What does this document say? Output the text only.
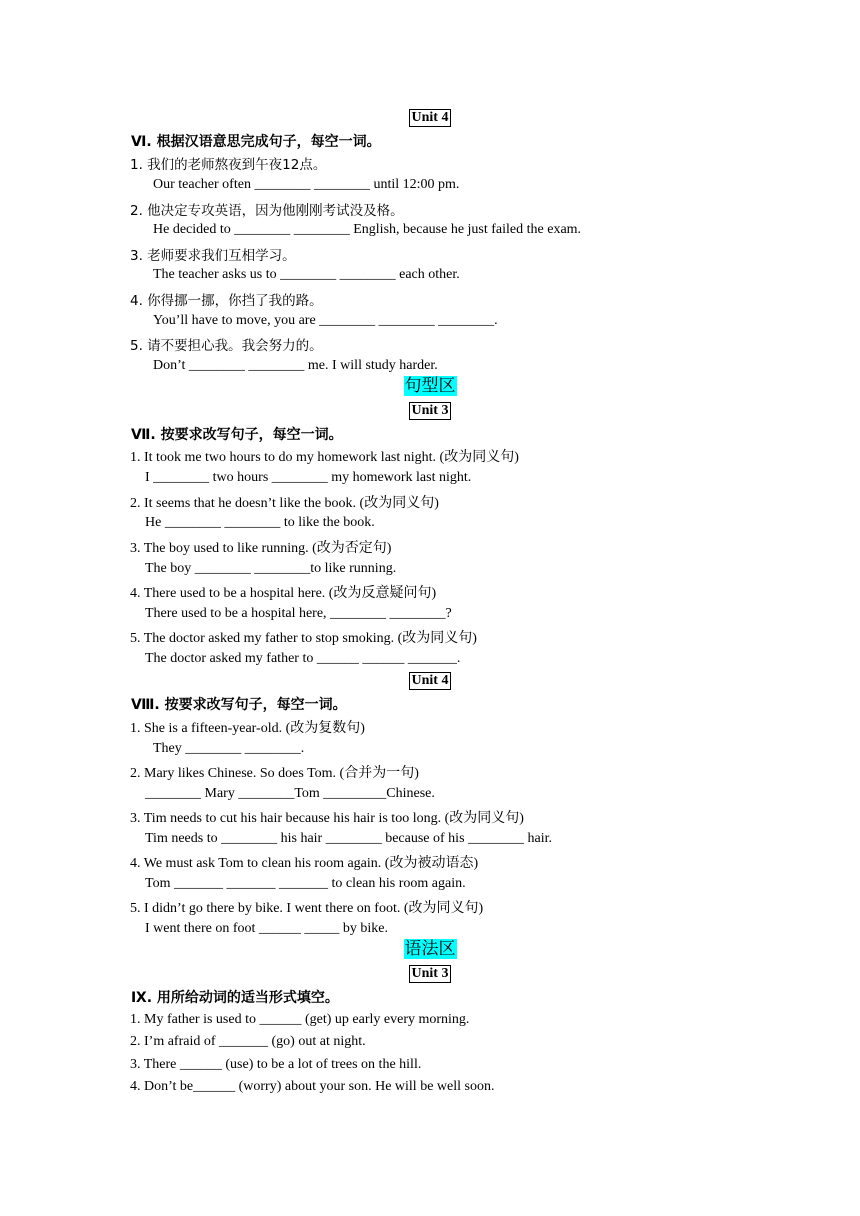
Unit 4
Ⅵ. 根据汉语意思完成句子，每空一词。
1. 我们的老师熬夜到午夜12点。
Our teacher often ________ ________ until 12:00 pm.
2. 他决定专攻英语，因为他刚刚考试没及格。
He decided to ________ ________ English, because he just failed the exam.
3. 老师要求我们互相学习。
The teacher asks us to ________ ________ each other.
4. 你得挪一挪，你挡了我的路。
You’ll have to move, you are ________ ________ ________.
5. 请不要担心我。我会努力的。
Don’t ________ ________ me. I will study harder.
句型区
Unit 3
Ⅶ. 按要求改写句子，每空一词。
1. It took me two hours to do my homework last night. (改为同义句)
I ________ two hours ________ my homework last night.
2. It seems that he doesn’t like the book. (改为同义句)
He ________ ________ to like the book.
3. The boy used to like running. (改为否定句)
The boy ________ ________to like running.
4. There used to be a hospital here. (改为反意疑问句)
There used to be a hospital here, ________ ________?
5. The doctor asked my father to stop smoking. (改为同义句)
The doctor asked my father to ______ ______ _______.
Unit 4
Ⅷ. 按要求改写句子，每空一词。
1. She is a fifteen-year-old. (改为复数句)
They ________ ________.
2. Mary likes Chinese. So does Tom. (合并为一句)
________ Mary ________Tom _________Chinese.
3. Tim needs to cut his hair because his hair is too long. (改为同义句)
Tim needs to ________ his hair ________ because of his ________ hair.
4. We must ask Tom to clean his room again. (改为被动语态)
Tom _______ _______ _______ to clean his room again.
5. I didn’t go there by bike. I went there on foot. (改为同义句)
I went there on foot ______ _____ by bike.
语法区
Unit 3
Ⅸ. 用所给动词的适当形式填空。
1. My father is used to ______ (get) up early every morning.
2. I’m afraid of _______ (go) out at night.
3. There ______ (use) to be a lot of trees on the hill.
4. Don’t be______ (worry) about your son. He will be well soon.
